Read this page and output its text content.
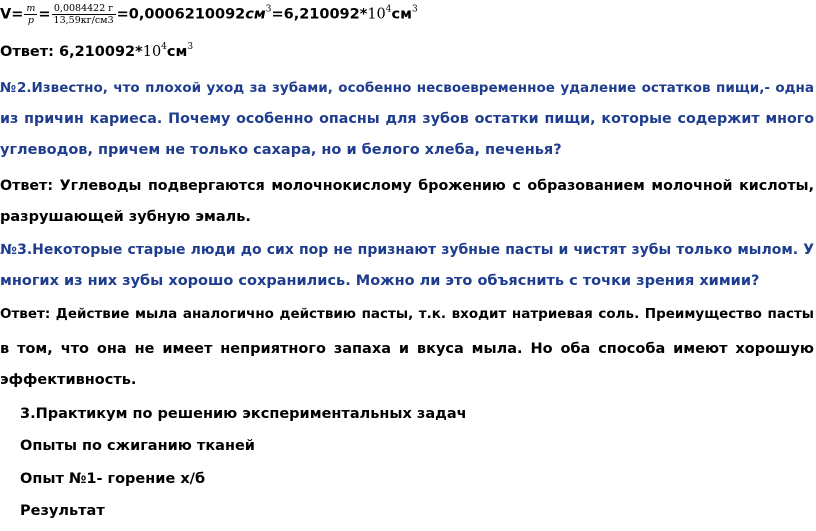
$V= \frac{m}{p} = \frac{0,0084422 г}{13,59кг/см3} =0,0006210092см^3=6,210092*10^4см^3$
Ответ: $6,210092*10^4см^3$
№2.Известно, что плохой уход за зубами, особенно несвоевременное удаление остатков пищи,- одна
из причин кариеса. Почему особенно опасны для зубов остатки пищи, которые содержит много
углеводов, причем не только сахара, но и белого хлеба, печенья?
Ответ: Углеводы подвергаются молочнокислому брожению с образованием молочной кислоты,
разрушающей зубную эмаль.
№3.Некоторые старые люди до сих пор не признают зубные пасты и чистят зубы только мылом. У
многих из них зубы хорошо сохранились. Можно ли это объяснить с точки зрения химии?
Ответ: Действие мыла аналогично действию пасты, т.к. входит натриевая соль. Преимущество пасты
в том, что она не имеет неприятного запаха и вкуса мыла. Но оба способа имеют хорошую
эффективность.
3.Практикум по решению экспериментальных задач
Опыты по сжиганию тканей
Опыт №1- горение х/б
Результат
